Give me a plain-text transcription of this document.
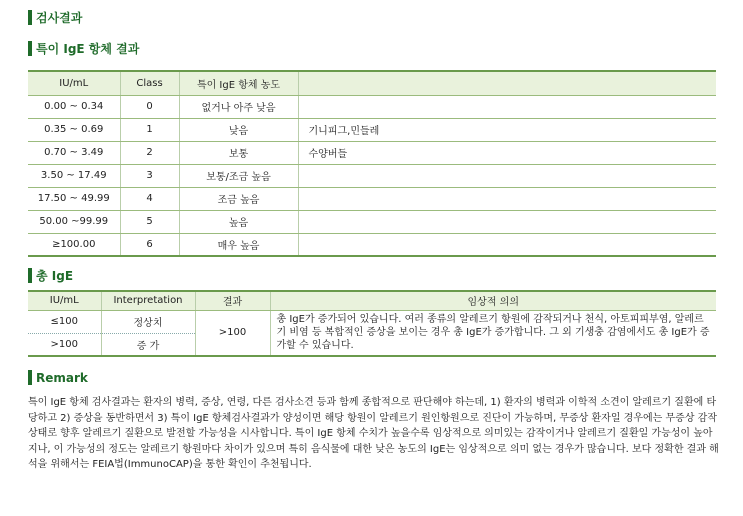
검사결과
특이 IgE 항체 결과
IU/mL	Class	특이 IgE 항체 농도	
0.00 ~ 0.34	0	없거나 아주 낮음	
0.35 ~ 0.69	1	낮음	기니피그,민들레
0.70 ~ 3.49	2	보통	수양버들
3.50 ~ 17.49	3	보통/조금 높음	
17.50 ~ 49.99	4	조금 높음	
50.00 ~99.99	5	높음	
≥100.00	6	매우 높음	
총 IgE
IU/mL	Interpretation	결과	임상적 의의
≤100	정상치	>100	총 IgE가 증가되어 있습니다. 여러 종류의 알레르기 항원에 감작되거나 천식, 아토피피부염, 알레르기 비염 등 복합적인 증상을 보이는 경우 총 IgE가 증가합니다. 그 외 기생충 감염에서도 총 IgE가 증가할 수 있습니다.
>100	증 가		
Remark

특이 IgE 항체 검사결과는 환자의 병력, 증상, 연령, 다른 검사소견 등과 함께 종합적으로 판단해야 하는데, 1) 환자의 병력과 이학적 소견이 알레르기 질환에 타당하고 2) 증상을 동반하면서 3) 특이 IgE 항체검사결과가 양성이면 해당 항원이 알레르기 원인항원으로 진단이 가능하며, 무증상 환자일 경우에는 무증상 감작상태로 향후 알레르기 질환으로 발전할 가능성을 시사합니다. 특이 IgE 항체 수치가 높을수록 임상적으로 의미있는 감작이거나 알레르기 질환일 가능성이 높아지나, 이 가능성의 정도는 알레르기 항원마다 차이가 있으며 특히 음식물에 대한 낮은 농도의 IgE는 임상적으로 의미 없는 경우가 많습니다. 보다 정확한 결과 해석을 위해서는 FEIA법(ImmunoCAP)을 통한 확인이 추천됩니다.
